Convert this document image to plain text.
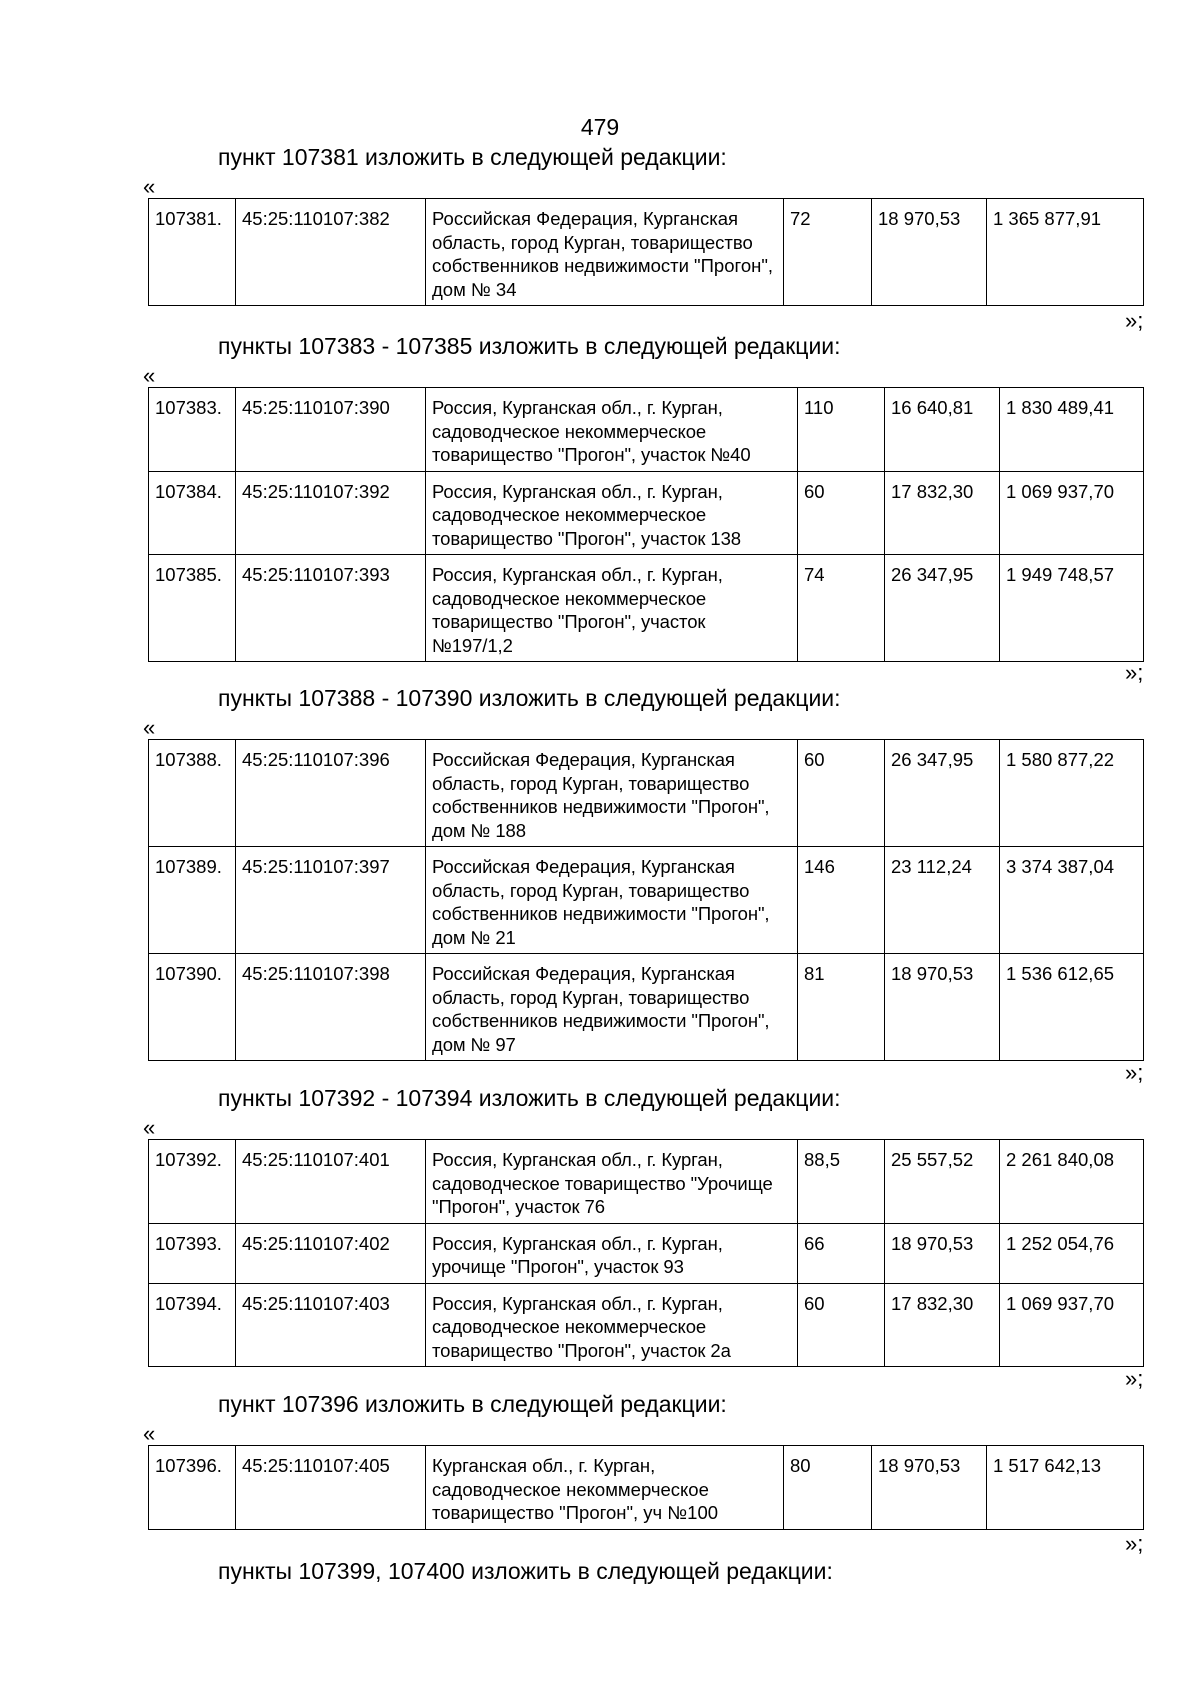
479
пункт 107381 изложить в следующей редакции:
«
107381.	45:25:110107:382	Российская Федерация, Курганская область, город Курган, товарищество собственников недвижимости "Прогон", дом № 34	72	18 970,53	1 365 877,91
»;
пункты 107383 - 107385 изложить в следующей редакции:
«
107383.	45:25:110107:390	Россия, Курганская обл., г. Курган, садоводческое некоммерческое товарищество "Прогон", участок №40	110	16 640,81	1 830 489,41
107384.	45:25:110107:392	Россия, Курганская обл., г. Курган, садоводческое некоммерческое товарищество "Прогон", участок 138	60	17 832,30	1 069 937,70
107385.	45:25:110107:393	Россия, Курганская обл., г. Курган, садоводческое некоммерческое товарищество "Прогон", участок №197/1,2	74	26 347,95	1 949 748,57
»;
пункты 107388 - 107390 изложить в следующей редакции:
«
107388.	45:25:110107:396	Российская Федерация, Курганская область, город Курган, товарищество собственников недвижимости "Прогон", дом № 188	60	26 347,95	1 580 877,22
107389.	45:25:110107:397	Российская Федерация, Курганская область, город Курган, товарищество собственников недвижимости "Прогон", дом № 21	146	23 112,24	3 374 387,04
107390.	45:25:110107:398	Российская Федерация, Курганская область, город Курган, товарищество собственников недвижимости "Прогон", дом № 97	81	18 970,53	1 536 612,65
»;
пункты 107392 - 107394 изложить в следующей редакции:
«
107392.	45:25:110107:401	Россия, Курганская обл., г. Курган, садоводческое товарищество "Урочище "Прогон", участок 76	88,5	25 557,52	2 261 840,08
107393.	45:25:110107:402	Россия, Курганская обл., г. Курган, урочище "Прогон", участок 93	66	18 970,53	1 252 054,76
107394.	45:25:110107:403	Россия, Курганская обл., г. Курган, садоводческое некоммерческое товарищество "Прогон", участок 2а	60	17 832,30	1 069 937,70
»;
пункт 107396 изложить в следующей редакции:
«
107396.	45:25:110107:405	Курганская обл., г. Курган, садоводческое некоммерческое товарищество "Прогон", уч №100	80	18 970,53	1 517 642,13
»;
пункты 107399, 107400 изложить в следующей редакции:
